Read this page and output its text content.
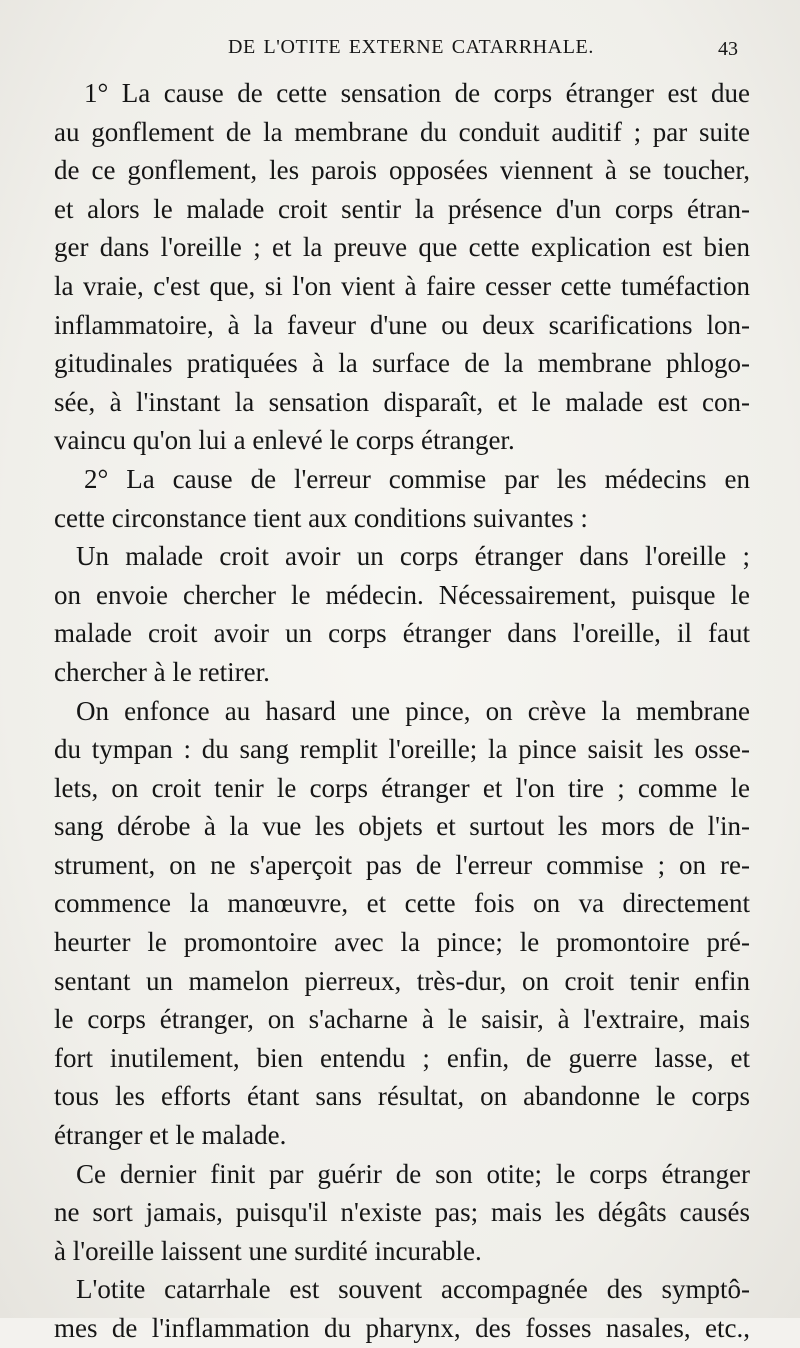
DE L'OTITE EXTERNE CATARRHALE.	43
1° La cause de cette sensation de corps étranger est due
au gonflement de la membrane du conduit auditif ; par suite
de ce gonflement, les parois opposées viennent à se toucher,
et alors le malade croit sentir la présence d'un corps étran-
ger dans l'oreille ; et la preuve que cette explication est bien
la vraie, c'est que, si l'on vient à faire cesser cette tuméfaction
inflammatoire, à la faveur d'une ou deux scarifications lon-
gitudinales pratiquées à la surface de la membrane phlogo-
sée, à l'instant la sensation disparaît, et le malade est con-
vaincu qu'on lui a enlevé le corps étranger.
2° La cause de l'erreur commise par les médecins en
cette circonstance tient aux conditions suivantes :
Un malade croit avoir un corps étranger dans l'oreille ;
on envoie chercher le médecin. Nécessairement, puisque le
malade croit avoir un corps étranger dans l'oreille, il faut
chercher à le retirer.
On enfonce au hasard une pince, on crève la membrane
du tympan : du sang remplit l'oreille; la pince saisit les osse-
lets, on croit tenir le corps étranger et l'on tire ; comme le
sang dérobe à la vue les objets et surtout les mors de l'in-
strument, on ne s'aperçoit pas de l'erreur commise ; on re-
commence la manœuvre, et cette fois on va directement
heurter le promontoire avec la pince; le promontoire pré-
sentant un mamelon pierreux, très-dur, on croit tenir enfin
le corps étranger, on s'acharne à le saisir, à l'extraire, mais
fort inutilement, bien entendu ; enfin, de guerre lasse, et
tous les efforts étant sans résultat, on abandonne le corps
étranger et le malade.
Ce dernier finit par guérir de son otite; le corps étranger
ne sort jamais, puisqu'il n'existe pas; mais les dégâts causés
à l'oreille laissent une surdité incurable.
L'otite catarrhale est souvent accompagnée des symptô-
mes de l'inflammation du pharynx, des fosses nasales, etc.,
